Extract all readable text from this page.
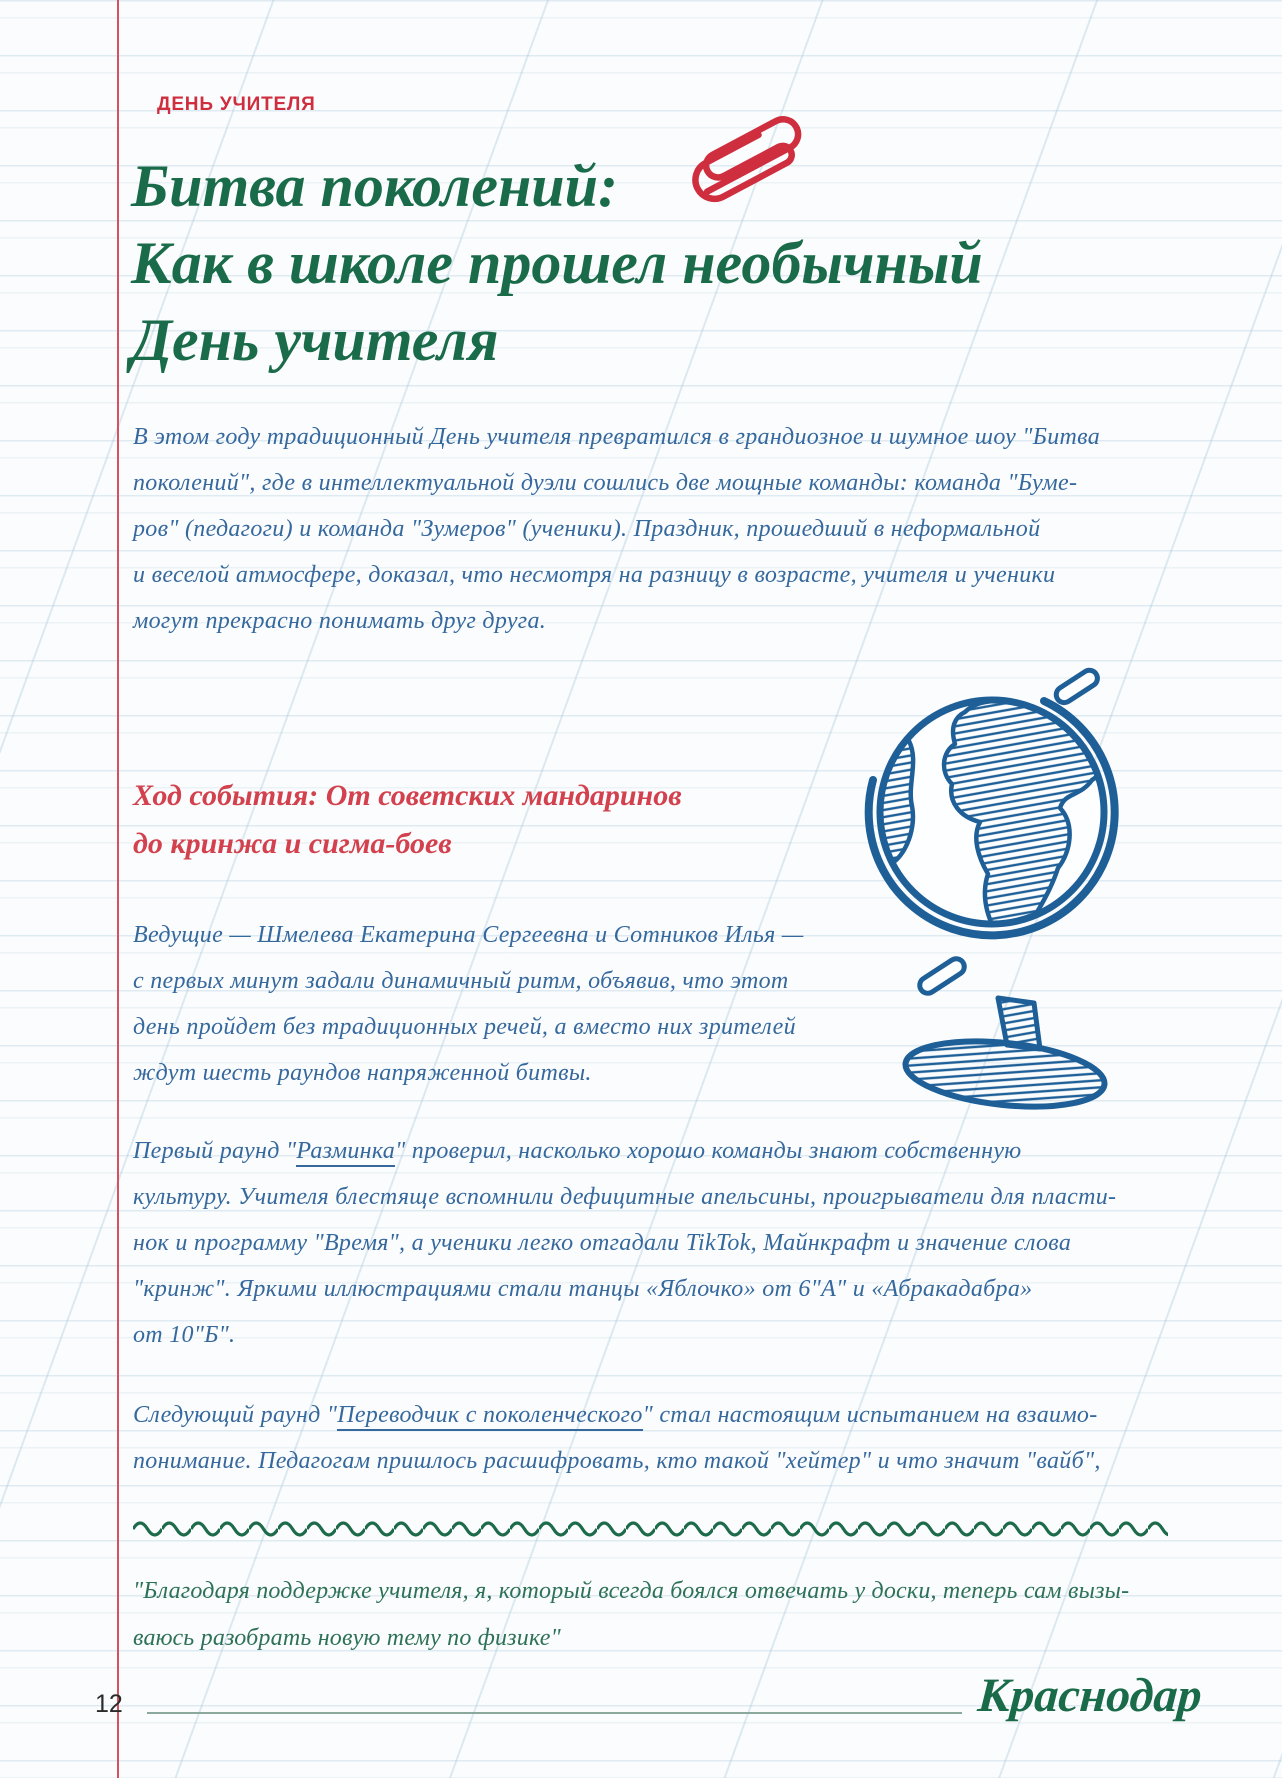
ДЕНЬ УЧИТЕЛЯ
Битва поколений:
Как в школе прошел необычный
День учителя
В этом году традиционный День учителя превратился в грандиозное и шумное шоу "Битва
поколений", где в интеллектуальной дуэли сошлись две мощные команды: команда "Буме-
ров" (педагоги) и команда "Зумеров" (ученики). Праздник, прошедший в неформальной
и веселой атмосфере, доказал, что несмотря на разницу в возрасте, учителя и ученики
могут прекрасно понимать друг друга.
Ход события: От советских мандаринов
до кринжа и сигма-боев
Ведущие — Шмелева Екатерина Сергеевна и Сотников Илья —
с первых минут задали динамичный ритм, объявив, что этот
день пройдет без традиционных речей, а вместо них зрителей
ждут шесть раундов напряженной битвы.
Первый раунд "Разминка" проверил, насколько хорошо команды знают собственную
культуру. Учителя блестяще вспомнили дефицитные апельсины, проигрыватели для пласти-
нок и программу "Время", а ученики легко отгадали TikTok, Майнкрафт и значение слова
"кринж". Яркими иллюстрациями стали танцы «Яблочко» от 6"А" и «Абракадабра»
от 10"Б".
Следующий раунд "Переводчик с поколенческого" стал настоящим испытанием на взаимо-
понимание. Педагогам пришлось расшифровать, кто такой "хейтер" и что значит "вайб",
"Благодаря поддержке учителя, я, который всегда боялся отвечать у доски, теперь сам вызы-
ваюсь разобрать новую тему по физике"
12	Краснодар
